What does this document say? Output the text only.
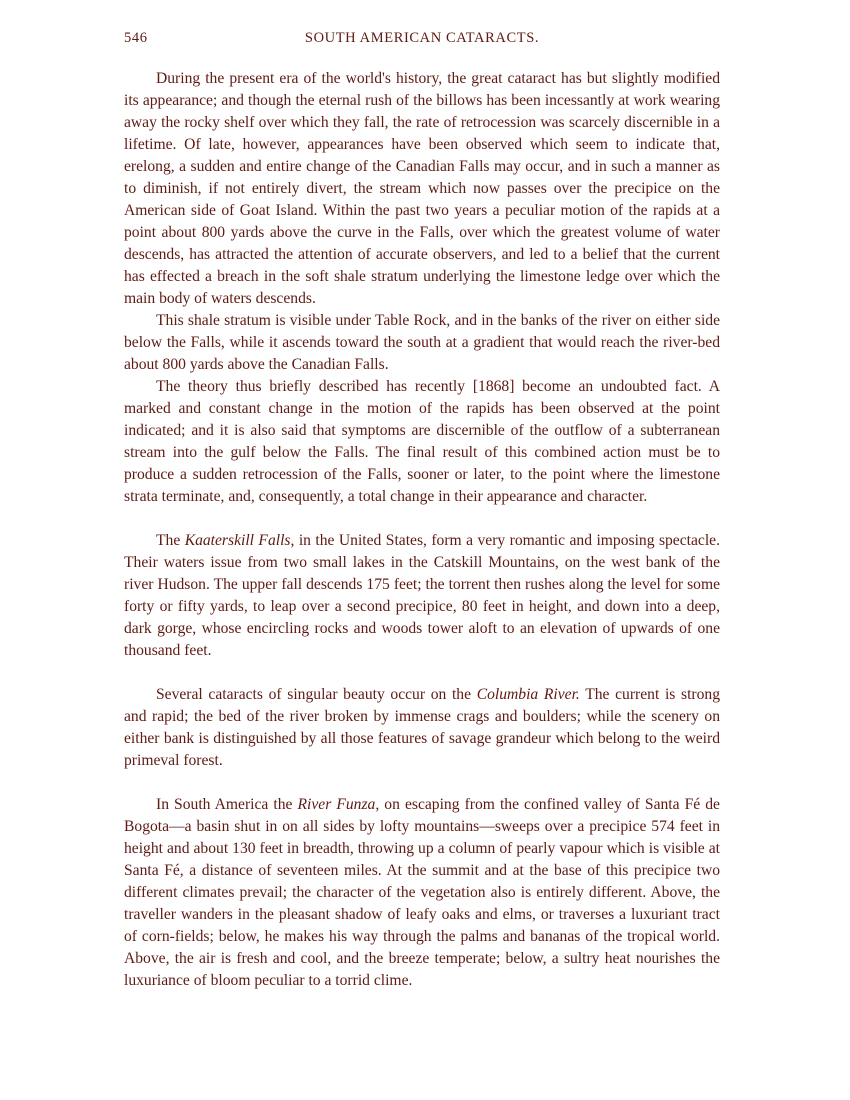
546	SOUTH AMERICAN CATARACTS.

During the present era of the world's history, the great cataract has but slightly modified its appearance; and though the eternal rush of the billows has been incessantly at work wearing away the rocky shelf over which they fall, the rate of retrocession was scarcely discernible in a lifetime. Of late, however, appearances have been observed which seem to indicate that, erelong, a sudden and entire change of the Canadian Falls may occur, and in such a manner as to diminish, if not entirely divert, the stream which now passes over the precipice on the American side of Goat Island. Within the past two years a peculiar motion of the rapids at a point about 800 yards above the curve in the Falls, over which the greatest volume of water descends, has attracted the attention of accurate observers, and led to a belief that the current has effected a breach in the soft shale stratum underlying the limestone ledge over which the main body of waters descends.

This shale stratum is visible under Table Rock, and in the banks of the river on either side below the Falls, while it ascends toward the south at a gradient that would reach the river-bed about 800 yards above the Canadian Falls.

The theory thus briefly described has recently [1868] become an undoubted fact. A marked and constant change in the motion of the rapids has been observed at the point indicated; and it is also said that symptoms are discernible of the outflow of a subterranean stream into the gulf below the Falls. The final result of this combined action must be to produce a sudden retrocession of the Falls, sooner or later, to the point where the limestone strata terminate, and, consequently, a total change in their appearance and character.

The Kaaterskill Falls, in the United States, form a very romantic and imposing spectacle. Their waters issue from two small lakes in the Catskill Mountains, on the west bank of the river Hudson. The upper fall descends 175 feet; the torrent then rushes along the level for some forty or fifty yards, to leap over a second precipice, 80 feet in height, and down into a deep, dark gorge, whose encircling rocks and woods tower aloft to an elevation of upwards of one thousand feet.

Several cataracts of singular beauty occur on the Columbia River. The current is strong and rapid; the bed of the river broken by immense crags and boulders; while the scenery on either bank is distinguished by all those features of savage grandeur which belong to the weird primeval forest.

In South America the River Funza, on escaping from the confined valley of Santa Fé de Bogota—a basin shut in on all sides by lofty mountains—sweeps over a precipice 574 feet in height and about 130 feet in breadth, throwing up a column of pearly vapour which is visible at Santa Fé, a distance of seventeen miles. At the summit and at the base of this precipice two different climates prevail; the character of the vegetation also is entirely different. Above, the traveller wanders in the pleasant shadow of leafy oaks and elms, or traverses a luxuriant tract of corn-fields; below, he makes his way through the palms and bananas of the tropical world. Above, the air is fresh and cool, and the breeze temperate; below, a sultry heat nourishes the luxuriance of bloom peculiar to a torrid clime.
